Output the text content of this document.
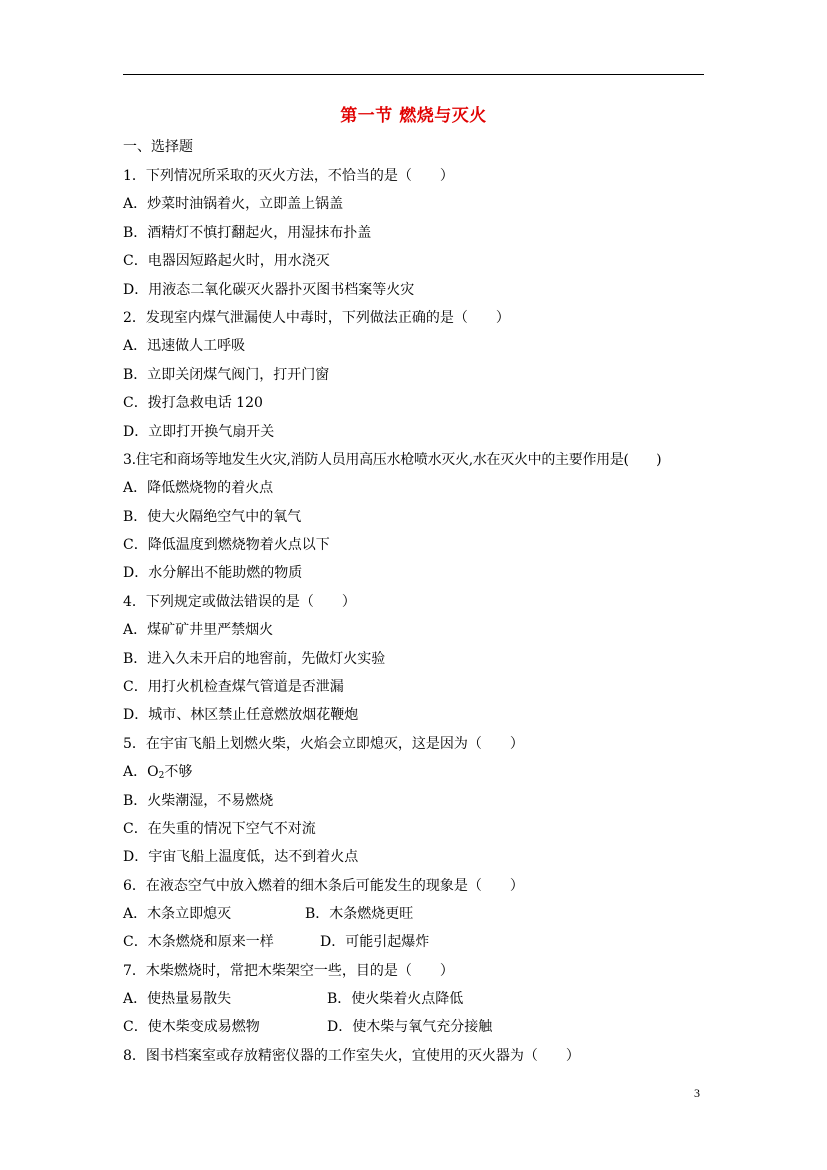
第一节 燃烧与灭火
一、选择题
1．下列情况所采取的灭火方法，不恰当的是（　　）
A．炒菜时油锅着火，立即盖上锅盖
B．酒精灯不慎打翻起火，用湿抹布扑盖
C．电器因短路起火时，用水浇灭
D．用液态二氧化碳灭火器扑灭图书档案等火灾
2．发现室内煤气泄漏使人中毒时，下列做法正确的是（　　）
A．迅速做人工呼吸
B．立即关闭煤气阀门，打开门窗
C．拨打急救电话 120
D．立即打开换气扇开关
3.住宅和商场等地发生火灾,消防人员用高压水枪喷水灭火,水在灭火中的主要作用是(　　)
A．降低燃烧物的着火点
B．使大火隔绝空气中的氧气
C．降低温度到燃烧物着火点以下
D．水分解出不能助燃的物质
4．下列规定或做法错误的是（　　）
A．煤矿矿井里严禁烟火
B．进入久未开启的地窖前，先做灯火实验
C．用打火机检查煤气管道是否泄漏
D．城市、林区禁止任意燃放烟花鞭炮
5．在宇宙飞船上划燃火柴，火焰会立即熄灭，这是因为（　　）
A．$O_2$不够
B．火柴潮湿，不易燃烧
C．在失重的情况下空气不对流
D．宇宙飞船上温度低，达不到着火点
6．在液态空气中放入燃着的细木条后可能发生的现象是（　　）
A．木条立即熄灭	B．木条燃烧更旺
C．木条燃烧和原来一样	D．可能引起爆炸
7．木柴燃烧时，常把木柴架空一些，目的是（　　）
A．使热量易散失	B．使火柴着火点降低
C．使木柴变成易燃物	D．使木柴与氧气充分接触
8．图书档案室或存放精密仪器的工作室失火，宜使用的灭火器为（　　）
3
